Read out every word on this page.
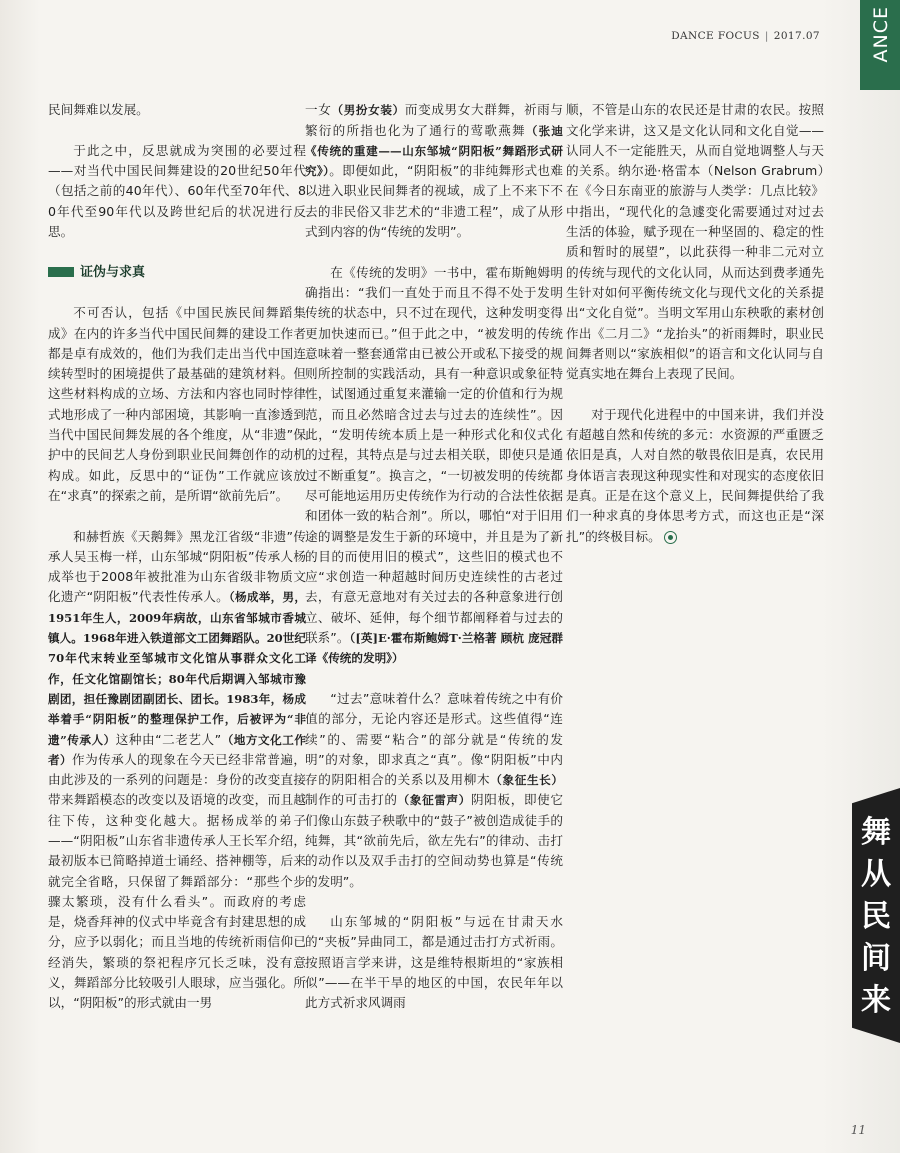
DANCE FOCUS | 2017.07	ANCE

民间舞难以发展。

于此之中，反思就成为突围的必要过程——对当代中国民间舞建设的20世纪50年代（包括之前的40年代）、60年代至70年代、80年代至90年代以及跨世纪后的状况进行反思。

证伪与求真

不可否认，包括《中国民族民间舞蹈集成》在内的许多当代中国民间舞的建设工作者都是卓有成效的，他们为我们走出当代中国连续转型时的困境提供了最基础的建筑材料。但这些材料构成的立场、方法和内容也同时悖律式地形成了一种内部困境，其影响一直渗透到当代中国民间舞发展的各个维度，从“非遗”保护中的民间艺人身份到职业民间舞创作的动机构成。如此，反思中的“证伪”工作就应该放在“求真”的探索之前，是所谓“欲前先后”。

和赫哲族《天鹅舞》黑龙江省级“非遗”传承人吴玉梅一样，山东邹城“阴阳板”传承人杨成举也于2008年被批准为山东省级非物质文化遗产“阴阳板”代表性传承人。（杨成举，男，1951年生人，2009年病故，山东省邹城市香城镇人。1968年进入铁道部文工团舞蹈队。20世纪70年代末转业至邹城市文化馆从事群众文化工作，任文化馆副馆长；80年代后期调入邹城市豫剧团，担任豫剧团副团长、团长。1983年，杨成举着手“阴阳板”的整理保护工作，后被评为“非遗”传承人）这种由“二老艺人”（地方文化工作者）作为传承人的现象在今天已经非常普遍，由此涉及的一系列的问题是：身份的改变直接带来舞蹈模态的改变以及语境的改变，而且越往下传，这种变化越大。据杨成举的弟子——“阴阳板”山东省非遗传承人王长军介绍，最初版本已简略掉道士诵经、搭神棚等，后来就完全省略，只保留了舞蹈部分：“那些个步骤太繁琐，没有什么看头”。而政府的考虑是，烧香拜神的仪式中毕竟含有封建思想的成分，应予以弱化；而且当地的传统祈雨信仰已经消失，繁琐的祭祀程序冗长乏味，没有意义，舞蹈部分比较吸引人眼球，应当强化。所以，“阴阳板”的形式就由一男

一女（男扮女装）而变成男女大群舞，祈雨与繁衍的所指也化为了通行的莺歌燕舞（张迪《传统的重建——山东邹城“阴阳板”舞蹈形式研究》）。即便如此，“阴阳板”的非纯舞形式也难以进入职业民间舞者的视域，成了上不来下不去的非民俗又非艺术的“非遗工程”，成了从形式到内容的伪“传统的发明”。

在《传统的发明》一书中，霍布斯鲍姆明确指出：“我们一直处于而且不得不处于发明传统的状态中，只不过在现代，这种发明变得更加快速而已。”但于此之中，“被发明的传统意味着一整套通常由已被公开或私下接受的规则所控制的实践活动，具有一种意识或象征特性，试图通过重复来灌输一定的价值和行为规范，而且必然暗含过去与过去的连续性”。因此，“发明传统本质上是一种形式化和仪式化的过程，其特点是与过去相关联，即使只是通过不断重复”。换言之，“一切被发明的传统都尽可能地运用历史传统作为行动的合法性依据和团体一致的粘合剂”。所以，哪怕“对于旧用途的调整是发生于新的环境中，并且是为了新的目的而使用旧的模式”，这些旧的模式也不应“求创造一种超越时间历史连续性的古老过去，有意无意地对有关过去的各种意象进行创立、破坏、延伸，每个细节都阐释着与过去的联系”。（[英]E·霍布斯鲍姆T·兰格著 顾杭 庞冠群译《传统的发明》）

“过去”意味着什么？意味着传统之中有价值的部分，无论内容还是形式。这些值得“连续”的、需要“粘合”的部分就是“传统的发明”的对象，即求真之“真”。像“阴阳板”中内存的阴阳相合的关系以及用柳木（象征生长）制作的可击打的（象征雷声）阴阳板，即使它们像山东鼓子秧歌中的“鼓子”被创造成徒手的纯舞，其“欲前先后，欲左先右”的律动、击打的动作以及双手击打的空间动势也算是“传统的发明”。

山东邹城的“阴阳板”与远在甘肃天水的“夹板”异曲同工，都是通过击打方式祈雨。按照语言学来讲，这是维特根斯坦的“家族相似”——在半干旱的地区的中国，农民年年以此方式祈求风调雨

顺，不管是山东的农民还是甘肃的农民。按照文化学来讲，这又是文化认同和文化自觉——认同人不一定能胜天，从而自觉地调整人与天的关系。纳尔逊·格雷本（Nelson Grabrum）在《今日东南亚的旅游与人类学：几点比较》中指出，“现代化的急遽变化需要通过对过去生活的体验，赋予现在一种坚固的、稳定的性质和暂时的展望”，以此获得一种非二元对立的传统与现代的文化认同，从而达到费孝通先生针对如何平衡传统文化与现代文化的关系提出“文化自觉”。当明文军用山东秧歌的素材创作出《二月二》“龙抬头”的祈雨舞时，职业民间舞者则以“家族相似”的语言和文化认同与自觉真实地在舞台上表现了民间。

对于现代化进程中的中国来讲，我们并没有超越自然和传统的多元：水资源的严重匮乏依旧是真，人对自然的敬畏依旧是真，农民用身体语言表现这种现实性和对现实的态度依旧是真。正是在这个意义上，民间舞提供给了我们一种求真的身体思考方式，而这也正是“深扎”的终极目标。

舞从民间来
11
